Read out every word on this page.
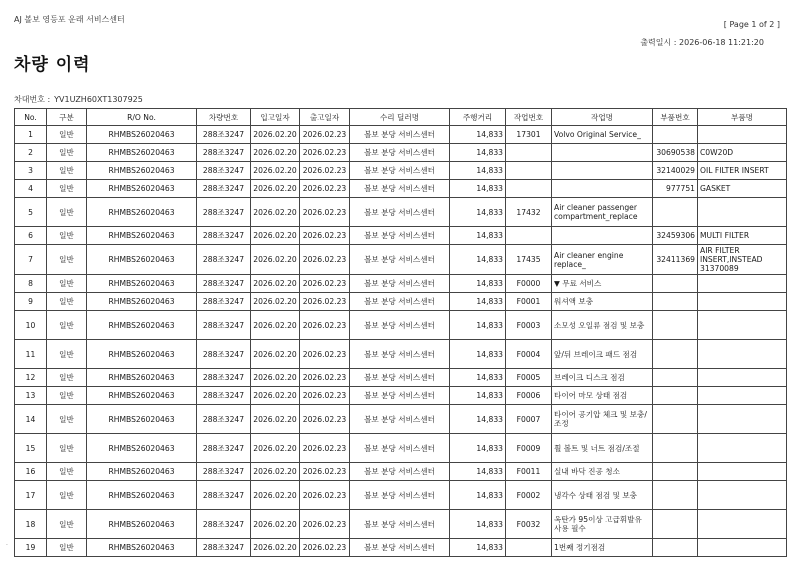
AJ 볼보 영등포 운래 서비스센터
[ Page 1 of 2 ]
출력일시 : 2026-06-18 11:21:20
차량 이력
차대번호 : YV1UZH60XT1307925
No.	구분	R/O No.	차량번호	입고일자	출고일자	수리 딜러명	주행거리	작업번호	작업명	부품번호	부품명
1	일반	RHMBS26020463	288조3247	2026.02.20	2026.02.23	볼보 분당 서비스센터	14,833	17301	Volvo Original Service_		
2	일반	RHMBS26020463	288조3247	2026.02.20	2026.02.23	볼보 분당 서비스센터	14,833			30690538	C0W20D
3	일반	RHMBS26020463	288조3247	2026.02.20	2026.02.23	볼보 분당 서비스센터	14,833			32140029	OIL FILTER INSERT
4	일반	RHMBS26020463	288조3247	2026.02.20	2026.02.23	볼보 분당 서비스센터	14,833			977751	GASKET
5	일반	RHMBS26020463	288조3247	2026.02.20	2026.02.23	볼보 분당 서비스센터	14,833	17432	Air cleaner passenger compartment_replace		
6	일반	RHMBS26020463	288조3247	2026.02.20	2026.02.23	볼보 분당 서비스센터	14,833			32459306	MULTI FILTER
7	일반	RHMBS26020463	288조3247	2026.02.20	2026.02.23	볼보 분당 서비스센터	14,833	17435	Air cleaner engine replace_	32411369	AIR FILTER INSERT,INSTEAD 31370089
8	일반	RHMBS26020463	288조3247	2026.02.20	2026.02.23	볼보 분당 서비스센터	14,833	F0000	▼ 무료 서비스		
9	일반	RHMBS26020463	288조3247	2026.02.20	2026.02.23	볼보 분당 서비스센터	14,833	F0001	워셔액 보충		
10	일반	RHMBS26020463	288조3247	2026.02.20	2026.02.23	볼보 분당 서비스센터	14,833	F0003	소모성 오일류 점검 및 보충		
11	일반	RHMBS26020463	288조3247	2026.02.20	2026.02.23	볼보 분당 서비스센터	14,833	F0004	앞/뒤 브레이크 패드 점검		
12	일반	RHMBS26020463	288조3247	2026.02.20	2026.02.23	볼보 분당 서비스센터	14,833	F0005	브레이크 디스크 점검		
13	일반	RHMBS26020463	288조3247	2026.02.20	2026.02.23	볼보 분당 서비스센터	14,833	F0006	타이어 마모 상태 점검		
14	일반	RHMBS26020463	288조3247	2026.02.20	2026.02.23	볼보 분당 서비스센터	14,833	F0007	타이어 공기압 체크 및 보충/조정		
15	일반	RHMBS26020463	288조3247	2026.02.20	2026.02.23	볼보 분당 서비스센터	14,833	F0009	휠 볼트 및 너트 점검/조절		
16	일반	RHMBS26020463	288조3247	2026.02.20	2026.02.23	볼보 분당 서비스센터	14,833	F0011	실내 바닥 진공 청소		
17	일반	RHMBS26020463	288조3247	2026.02.20	2026.02.23	볼보 분당 서비스센터	14,833	F0002	냉각수 상태 점검 및 보충		
18	일반	RHMBS26020463	288조3247	2026.02.20	2026.02.23	볼보 분당 서비스센터	14,833	F0032	옥탄가 95이상 고급휘발유 사용 필수		
19	일반	RHMBS26020463	288조3247	2026.02.20	2026.02.23	볼보 분당 서비스센터	14,833		1번째 정기점검		
·
